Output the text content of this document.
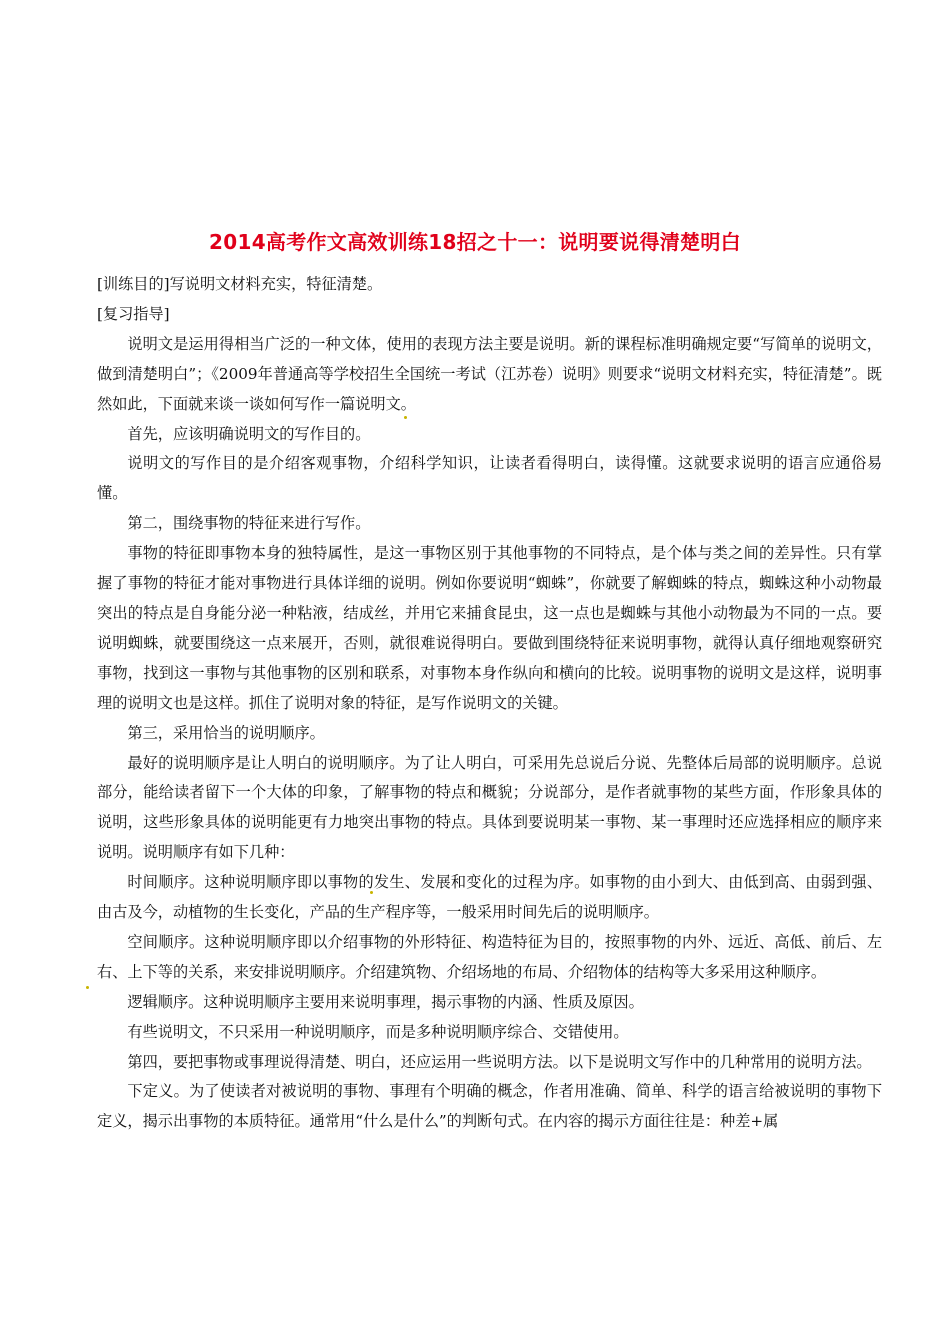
2014高考作文高效训练18招之十一：说明要说得清楚明白

[训练目的]写说明文材料充实，特征清楚。

[复习指导]

说明文是运用得相当广泛的一种文体，使用的表现方法主要是说明。新的课程标准明确规定要“写简单的说明文，做到清楚明白”；《2009年普通高等学校招生全国统一考试（江苏卷）说明》则要求“说明文材料充实，特征清楚”。既然如此，下面就来谈一谈如何写作一篇说明文。

首先，应该明确说明文的写作目的。

说明文的写作目的是介绍客观事物，介绍科学知识，让读者看得明白，读得懂。这就要求说明的语言应通俗易懂。

第二，围绕事物的特征来进行写作。

事物的特征即事物本身的独特属性，是这一事物区别于其他事物的不同特点，是个体与类之间的差异性。只有掌握了事物的特征才能对事物进行具体详细的说明。例如你要说明“蜘蛛”，你就要了解蜘蛛的特点，蜘蛛这种小动物最突出的特点是自身能分泌一种粘液，结成丝，并用它来捕食昆虫，这一点也是蜘蛛与其他小动物最为不同的一点。要说明蜘蛛，就要围绕这一点来展开，否则，就很难说得明白。要做到围绕特征来说明事物，就得认真仔细地观察研究事物，找到这一事物与其他事物的区别和联系，对事物本身作纵向和横向的比较。说明事物的说明文是这样，说明事理的说明文也是这样。抓住了说明对象的特征，是写作说明文的关键。

第三，采用恰当的说明顺序。

最好的说明顺序是让人明白的说明顺序。为了让人明白，可采用先总说后分说、先整体后局部的说明顺序。总说部分，能给读者留下一个大体的印象，了解事物的特点和概貌；分说部分，是作者就事物的某些方面，作形象具体的说明，这些形象具体的说明能更有力地突出事物的特点。具体到要说明某一事物、某一事理时还应选择相应的顺序来说明。说明顺序有如下几种：

时间顺序。这种说明顺序即以事物的发生、发展和变化的过程为序。如事物的由小到大、由低到高、由弱到强、由古及今，动植物的生长变化，产品的生产程序等，一般采用时间先后的说明顺序。

空间顺序。这种说明顺序即以介绍事物的外形特征、构造特征为目的，按照事物的内外、远近、高低、前后、左右、上下等的关系，来安排说明顺序。介绍建筑物、介绍场地的布局、介绍物体的结构等大多采用这种顺序。

逻辑顺序。这种说明顺序主要用来说明事理，揭示事物的内涵、性质及原因。

有些说明文，不只采用一种说明顺序，而是多种说明顺序综合、交错使用。

第四，要把事物或事理说得清楚、明白，还应运用一些说明方法。以下是说明文写作中的几种常用的说明方法。

下定义。为了使读者对被说明的事物、事理有个明确的概念，作者用准确、简单、科学的语言给被说明的事物下定义，揭示出事物的本质特征。通常用“什么是什么”的判断句式。在内容的揭示方面往往是：种差+属
